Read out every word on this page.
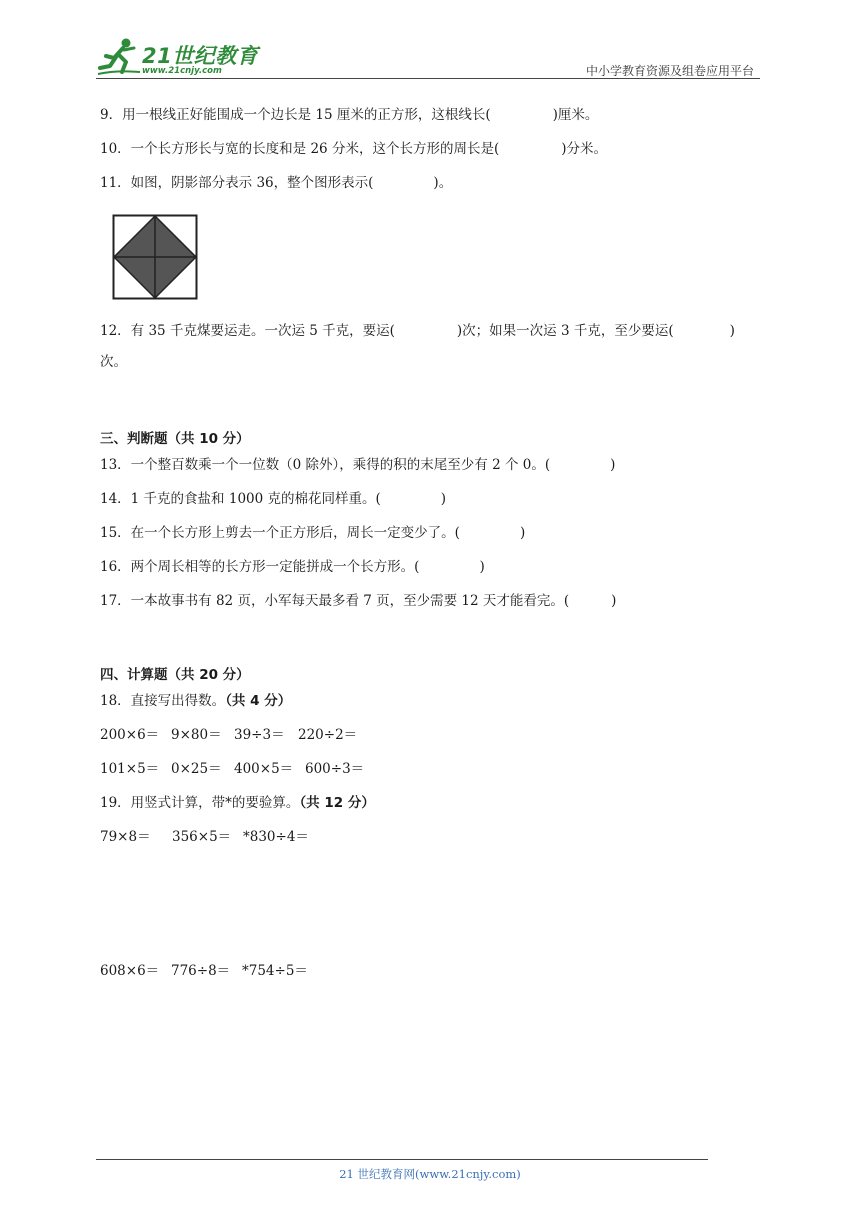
21世纪教育
www.21cnjy.com	中小学教育资源及组卷应用平台
9．用一根线正好能围成一个边长是 15 厘米的正方形，这根线长(	)厘米。
10．一个长方形长与宽的长度和是 26 分米，这个长方形的周长是(	)分米。
11．如图，阴影部分表示 36，整个图形表示(	)。
12．有 35 千克煤要运走。一次运 5 千克，要运(	)次；如果一次运 3 千克，至少要运(	)
次。
三、判断题（共 10 分）
13．一个整百数乘一个一位数（0 除外），乘得的积的末尾至少有 2 个 0。(	)
14．1 千克的食盐和 1000 克的棉花同样重。(	)
15．在一个长方形上剪去一个正方形后，周长一定变少了。(	)
16．两个周长相等的长方形一定能拼成一个长方形。(	)
17．一本故事书有 82 页，小军每天最多看 7 页，至少需要 12 天才能看完。(	)
四、计算题（共 20 分）
18．直接写出得数。（共 4 分）
200×6＝ 9×80＝ 39÷3＝ 220÷2＝
101×5＝ 0×25＝ 400×5＝ 600÷3＝
19．用竖式计算，带*的要验算。（共 12 分）
79×8＝ 356×5＝ *830÷4＝
608×6＝ 776÷8＝ *754÷5＝
21 世纪教育网(www.21cnjy.com)
